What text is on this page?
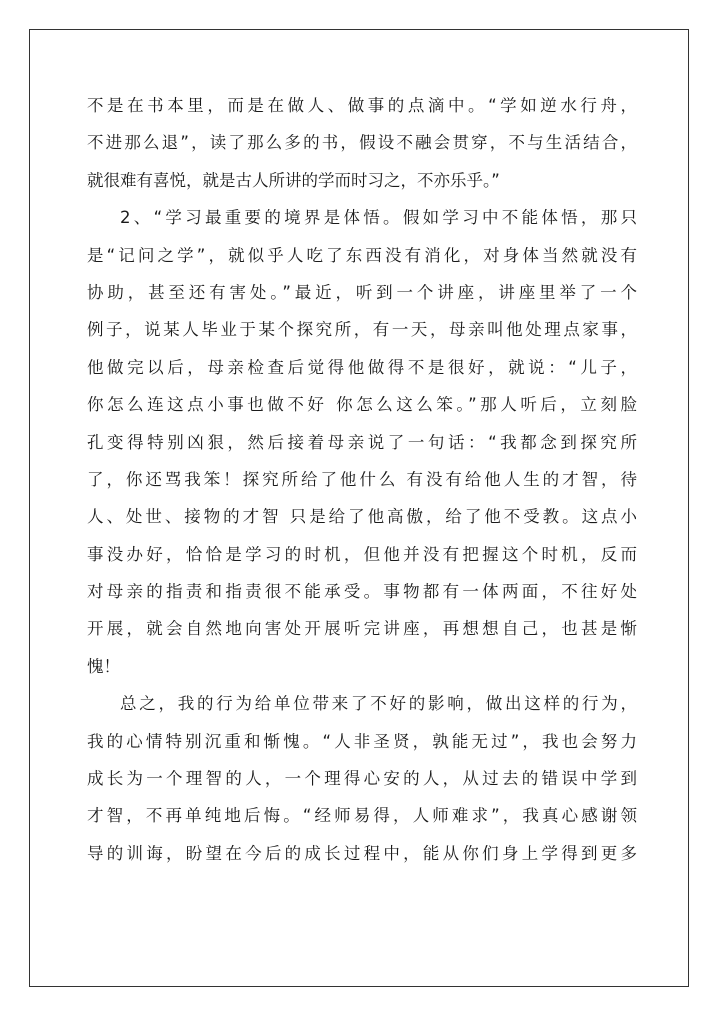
不是在书本里，而是在做人、做事的点滴中。“学如逆水行舟，
不进那么退”，读了那么多的书，假设不融会贯穿，不与生活结合，
就很难有喜悦，就是古人所讲的学而时习之，不亦乐乎。”
2、“学习最重要的境界是体悟。假如学习中不能体悟，那只
是“记问之学”，就似乎人吃了东西没有消化，对身体当然就没有
协助，甚至还有害处。”最近，听到一个讲座，讲座里举了一个
例子，说某人毕业于某个探究所，有一天，母亲叫他处理点家事，
他做完以后，母亲检查后觉得他做得不是很好，就说：“儿子，
你怎么连这点小事也做不好 你怎么这么笨。”那人听后，立刻脸
孔变得特别凶狠，然后接着母亲说了一句话：“我都念到探究所
了，你还骂我笨！探究所给了他什么 有没有给他人生的才智，待
人、处世、接物的才智 只是给了他高傲，给了他不受教。这点小
事没办好，恰恰是学习的时机，但他并没有把握这个时机，反而
对母亲的指责和指责很不能承受。事物都有一体两面，不往好处
开展，就会自然地向害处开展听完讲座，再想想自己，也甚是惭
愧！
总之，我的行为给单位带来了不好的影响，做出这样的行为，
我的心情特别沉重和惭愧。“人非圣贤，孰能无过”，我也会努力
成长为一个理智的人，一个理得心安的人，从过去的错误中学到
才智，不再单纯地后悔。“经师易得，人师难求”，我真心感谢领
导的训诲，盼望在今后的成长过程中，能从你们身上学得到更多
